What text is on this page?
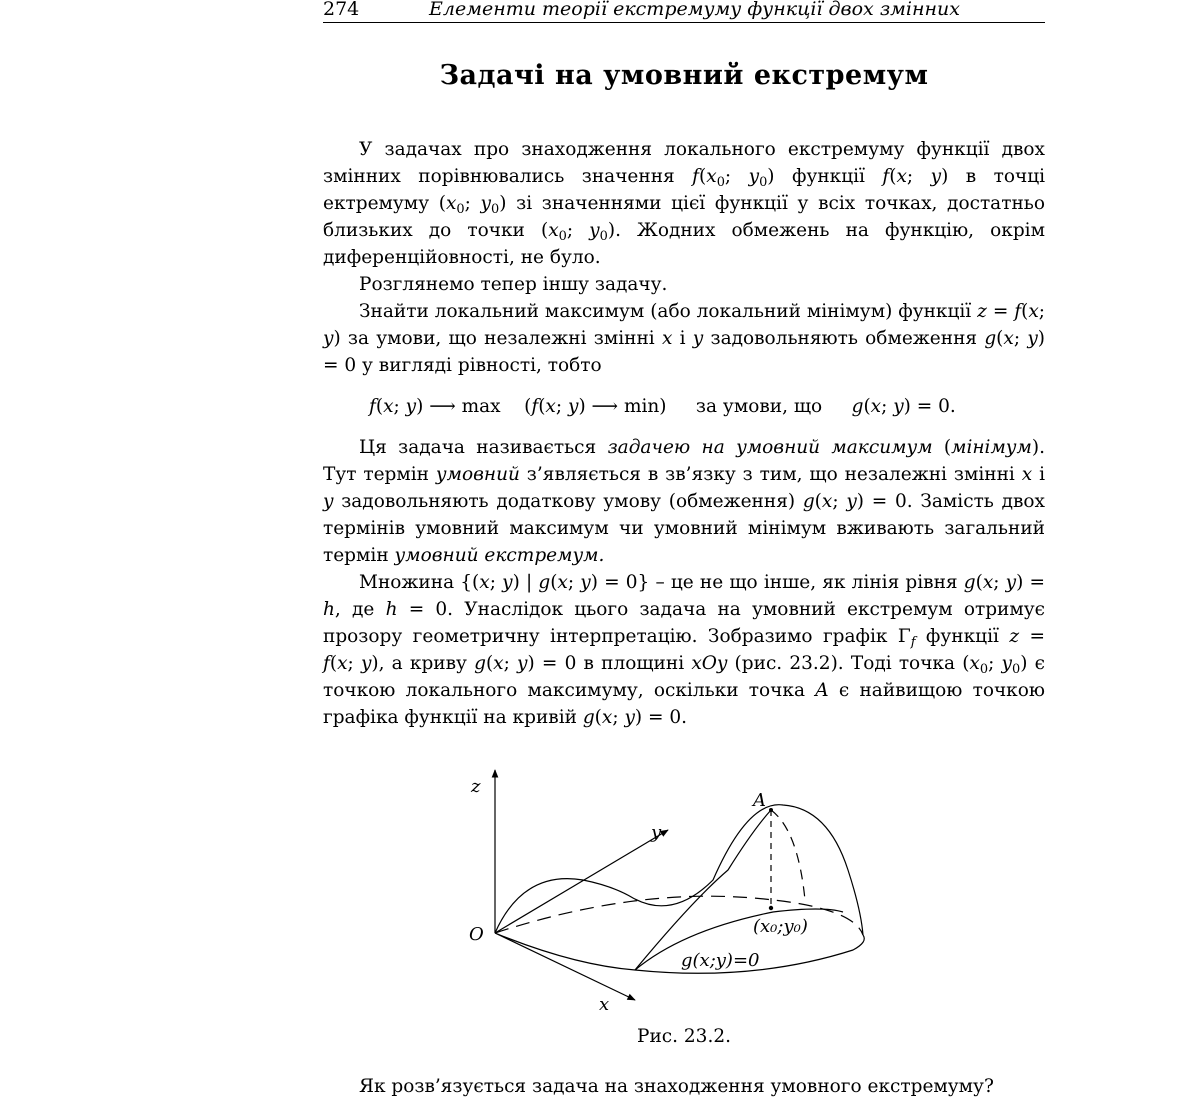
274	Елементи теорії екстремуму функції двох змінних
Задачі на умовний екстремум

У задачах про знаходження локального екстремуму функції двох змінних порівнювались значення $f(x_0$; $y_0$) функції f(x; y) в точці ектремуму ($x_0$; $y_0$) зі значеннями цієї функції у всіх точках, достатньо близьких до точки ($x_0$; $y_0$). Жодних обмежень на функцію, окрім диференційовності, не було.

Розглянемо тепер іншу задачу.

Знайти локальний максимум (або локальний мінімум) функції z = f(x; y) за умови, що незалежні змінні x і y задовольняють обмеження g(x; y) = 0 у вигляді рівності, тобто

f(x; y) ⟶ max    (f(x; y) ⟶ min)     за умови, що     g(x; y) = 0.

Ця задача називається задачею на умовний максимум (мінімум). Тут термін умовний з’являється в зв’язку з тим, що незалежні змінні x і y задовольняють додаткову умову (обмеження) g(x; y) = 0. Замість двох термінів умовний максимум чи умовний мінімум вживають загальний термін умовний екстремум.

Множина {(x; y) | g(x; y) = 0} – це не що інше, як лінія рівня g(x; y) = h, де h = 0. Унаслідок цього задача на умовний екстремум отримує прозору геометричну інтерпретацію. Зобразимо графік $\Gamma_f$ функції z = f(x; y), а криву g(x; y) = 0 в площині xOy (рис. 23.2). Тоді точка ($x_0$; $y_0$) є точкою локального максимуму, оскільки точка A є найвищою точкою графіка функції на кривій g(x; y) = 0.

z
y
x
O
A
(x₀;y₀)
g(x;y)=0
Рис. 23.2.
Як розв’язується задача на знаходження умовного екстремуму?
